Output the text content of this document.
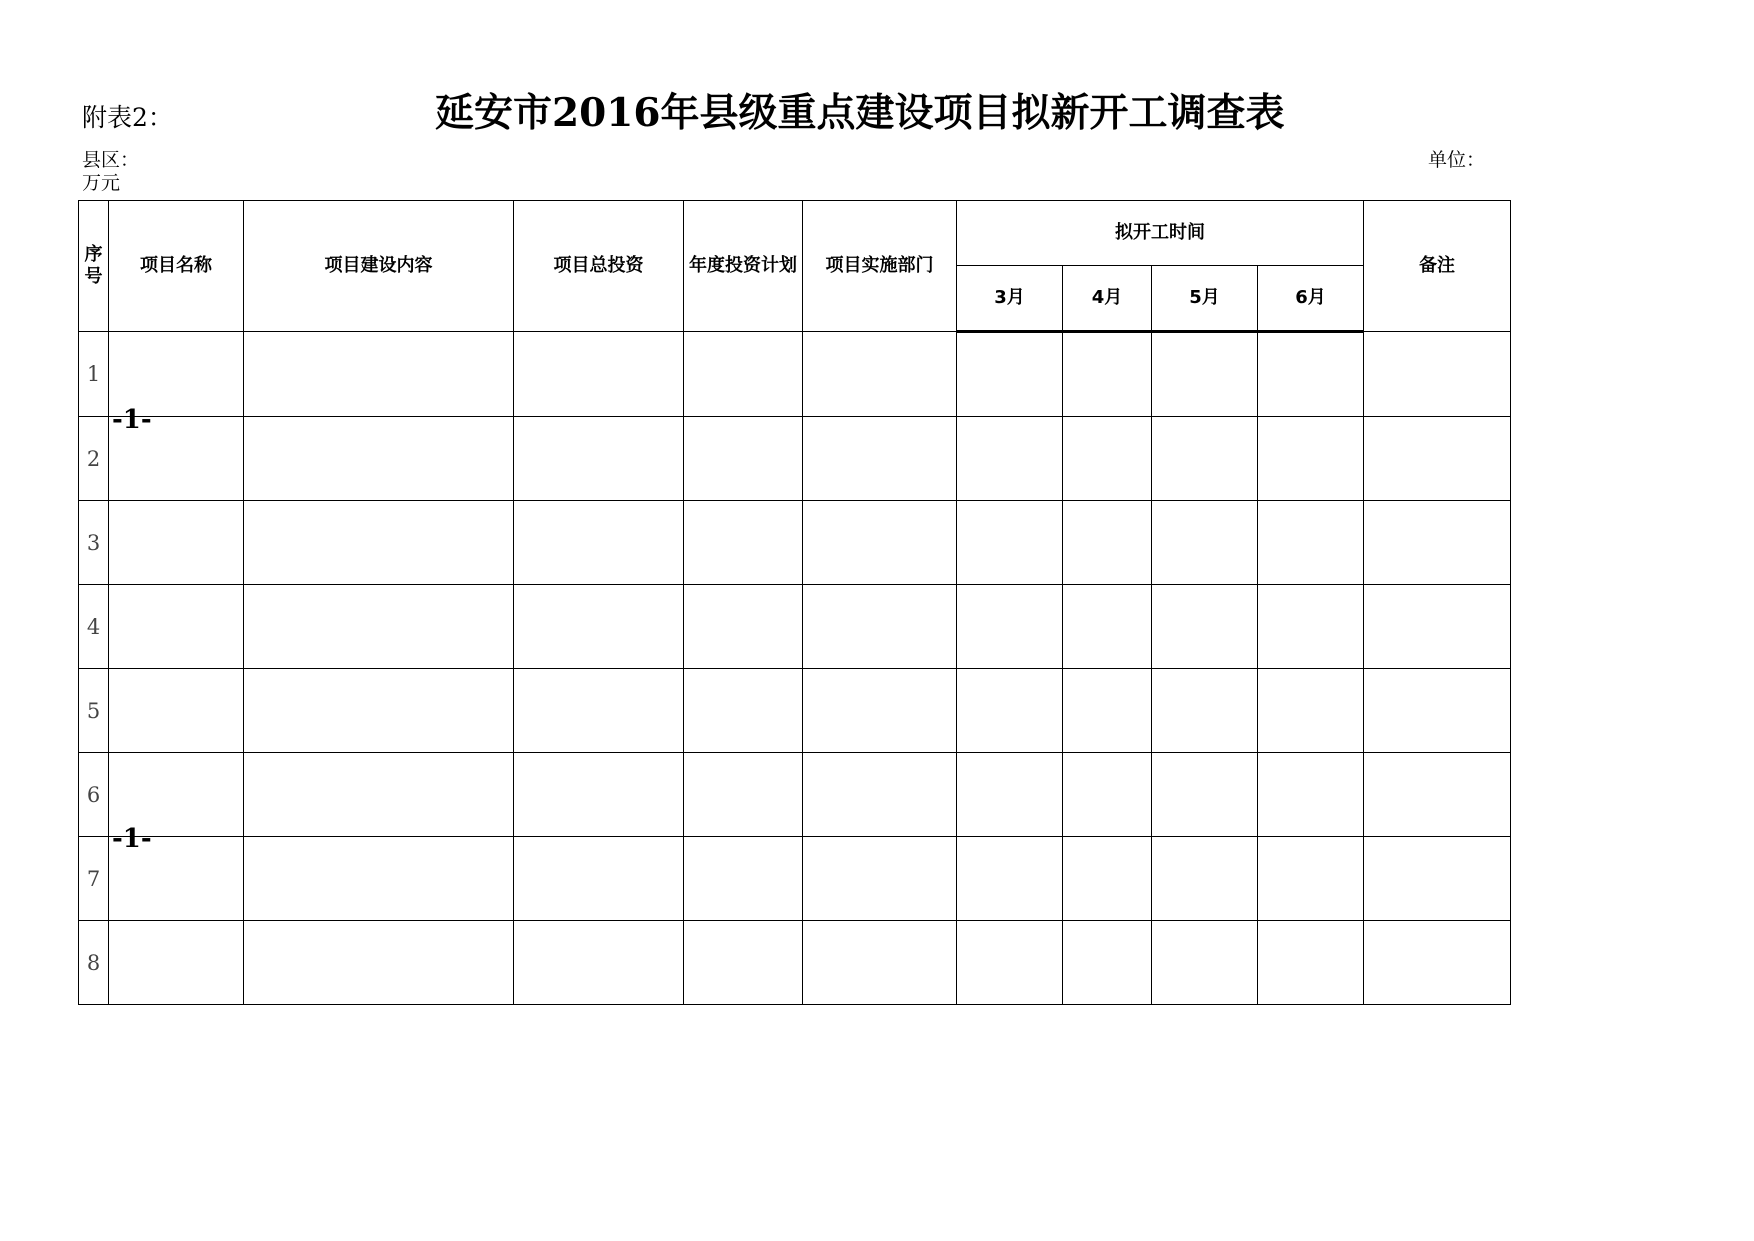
附表2：	延安市2016年县级重点建设项目拟新开工调查表
县区：	单位：
万元
序号	项目名称	项目建设内容	项目总投资	年度投资计划	项目实施部门	拟开工时间				备注
						3月	4月	5月	6月	
1										
2										
3										
4										
5										
6										
7										
8										
-1-
-1-
